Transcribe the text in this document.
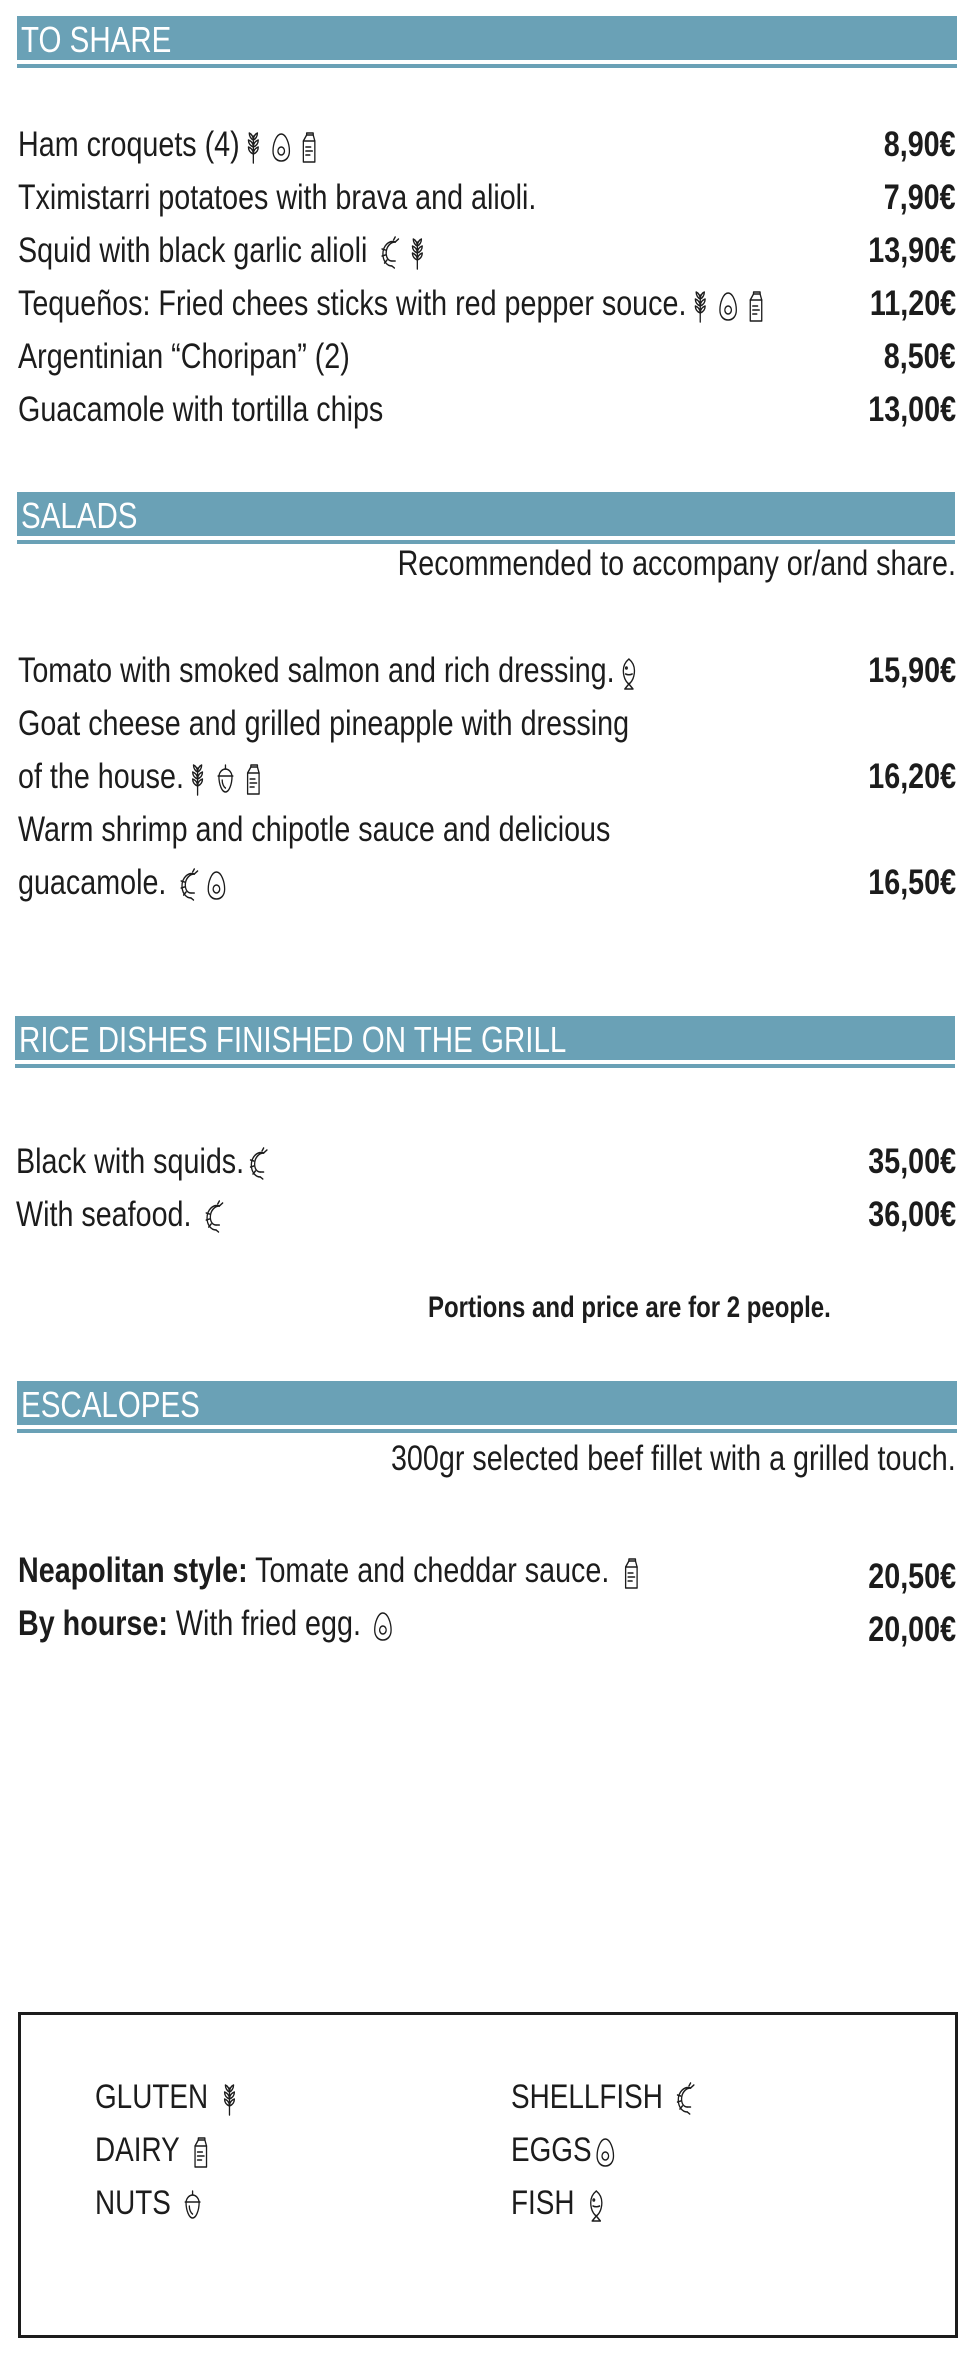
TO SHARE
Ham croquets (4)	8,90€
Tximistarri potatoes with brava and alioli.	7,90€
Squid with black garlic alioli	13,90€
Tequeños: Fried chees sticks with red pepper souce.	11,20€
Argentinian “Choripan” (2)	8,50€
Guacamole with tortilla chips	13,00€
SALADS
Recommended to accompany or/and share.
Tomato with smoked salmon and rich dressing.	15,90€
Goat cheese and grilled pineapple with dressing
of the house.	16,20€
Warm shrimp and chipotle sauce and delicious
guacamole.	16,50€
RICE DISHES FINISHED ON THE GRILL
Black with squids.	35,00€
With seafood.	36,00€
Portions and price are for 2 people.
ESCALOPES
300gr selected beef fillet with a grilled touch.
Neapolitan style: Tomate and cheddar sauce.	20,50€
By hourse: With fried egg.	20,00€
GLUTEN
DAIRY
NUTS
SHELLFISH
EGGS
FISH
